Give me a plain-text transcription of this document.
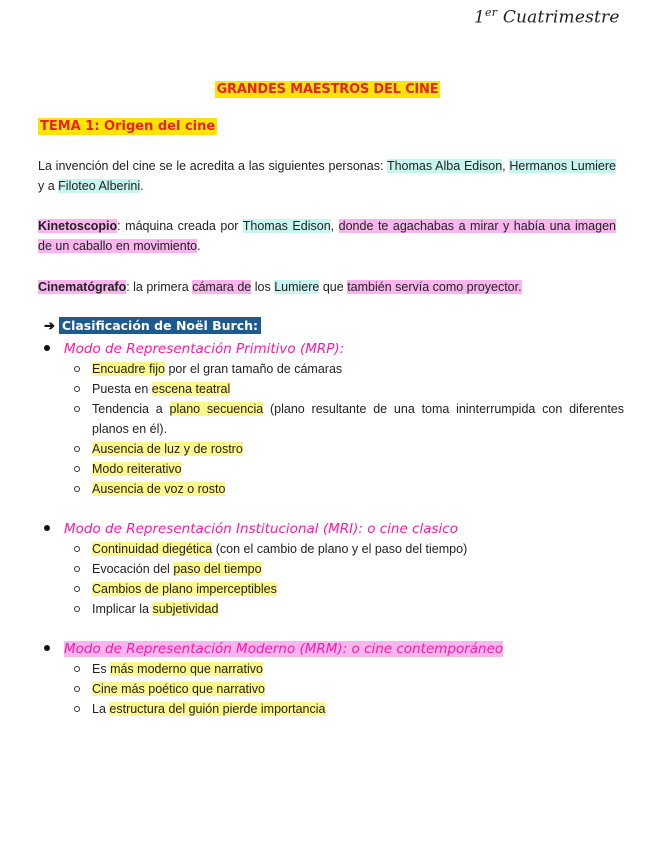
1er Cuatrimestre
GRANDES MAESTROS DEL CINE
TEMA 1: Origen del cine
La invención del cine se le acredita a las siguientes personas: Thomas Alba Edison, Hermanos Lumiere y a Filoteo Alberini.
Kinetoscopio: máquina creada por Thomas Edison, donde te agachabas a mirar y había una imagen de un caballo en movimiento.
Cinematógrafo: la primera cámara de los Lumiere que también servía como proyector.
➔ Clasificación de Noël Burch:
Modo de Representación Primitivo (MRP):
Encuadre fijo por el gran tamaño de cámaras
Puesta en escena teatral
Tendencia a plano secuencia (plano resultante de una toma ininterrumpida con diferentes planos en él).
Ausencia de luz y de rostro
Modo reiterativo
Ausencia de voz o rosto
Modo de Representación Institucional (MRI): o cine clasico
Continuidad diegética (con el cambio de plano y el paso del tiempo)
Evocación del paso del tiempo
Cambios de plano imperceptibles
Implicar la subjetividad
Modo de Representación Moderno (MRM): o cine contemporáneo
Es más moderno que narrativo
Cine más poético que narrativo
La estructura del guión pierde importancia
